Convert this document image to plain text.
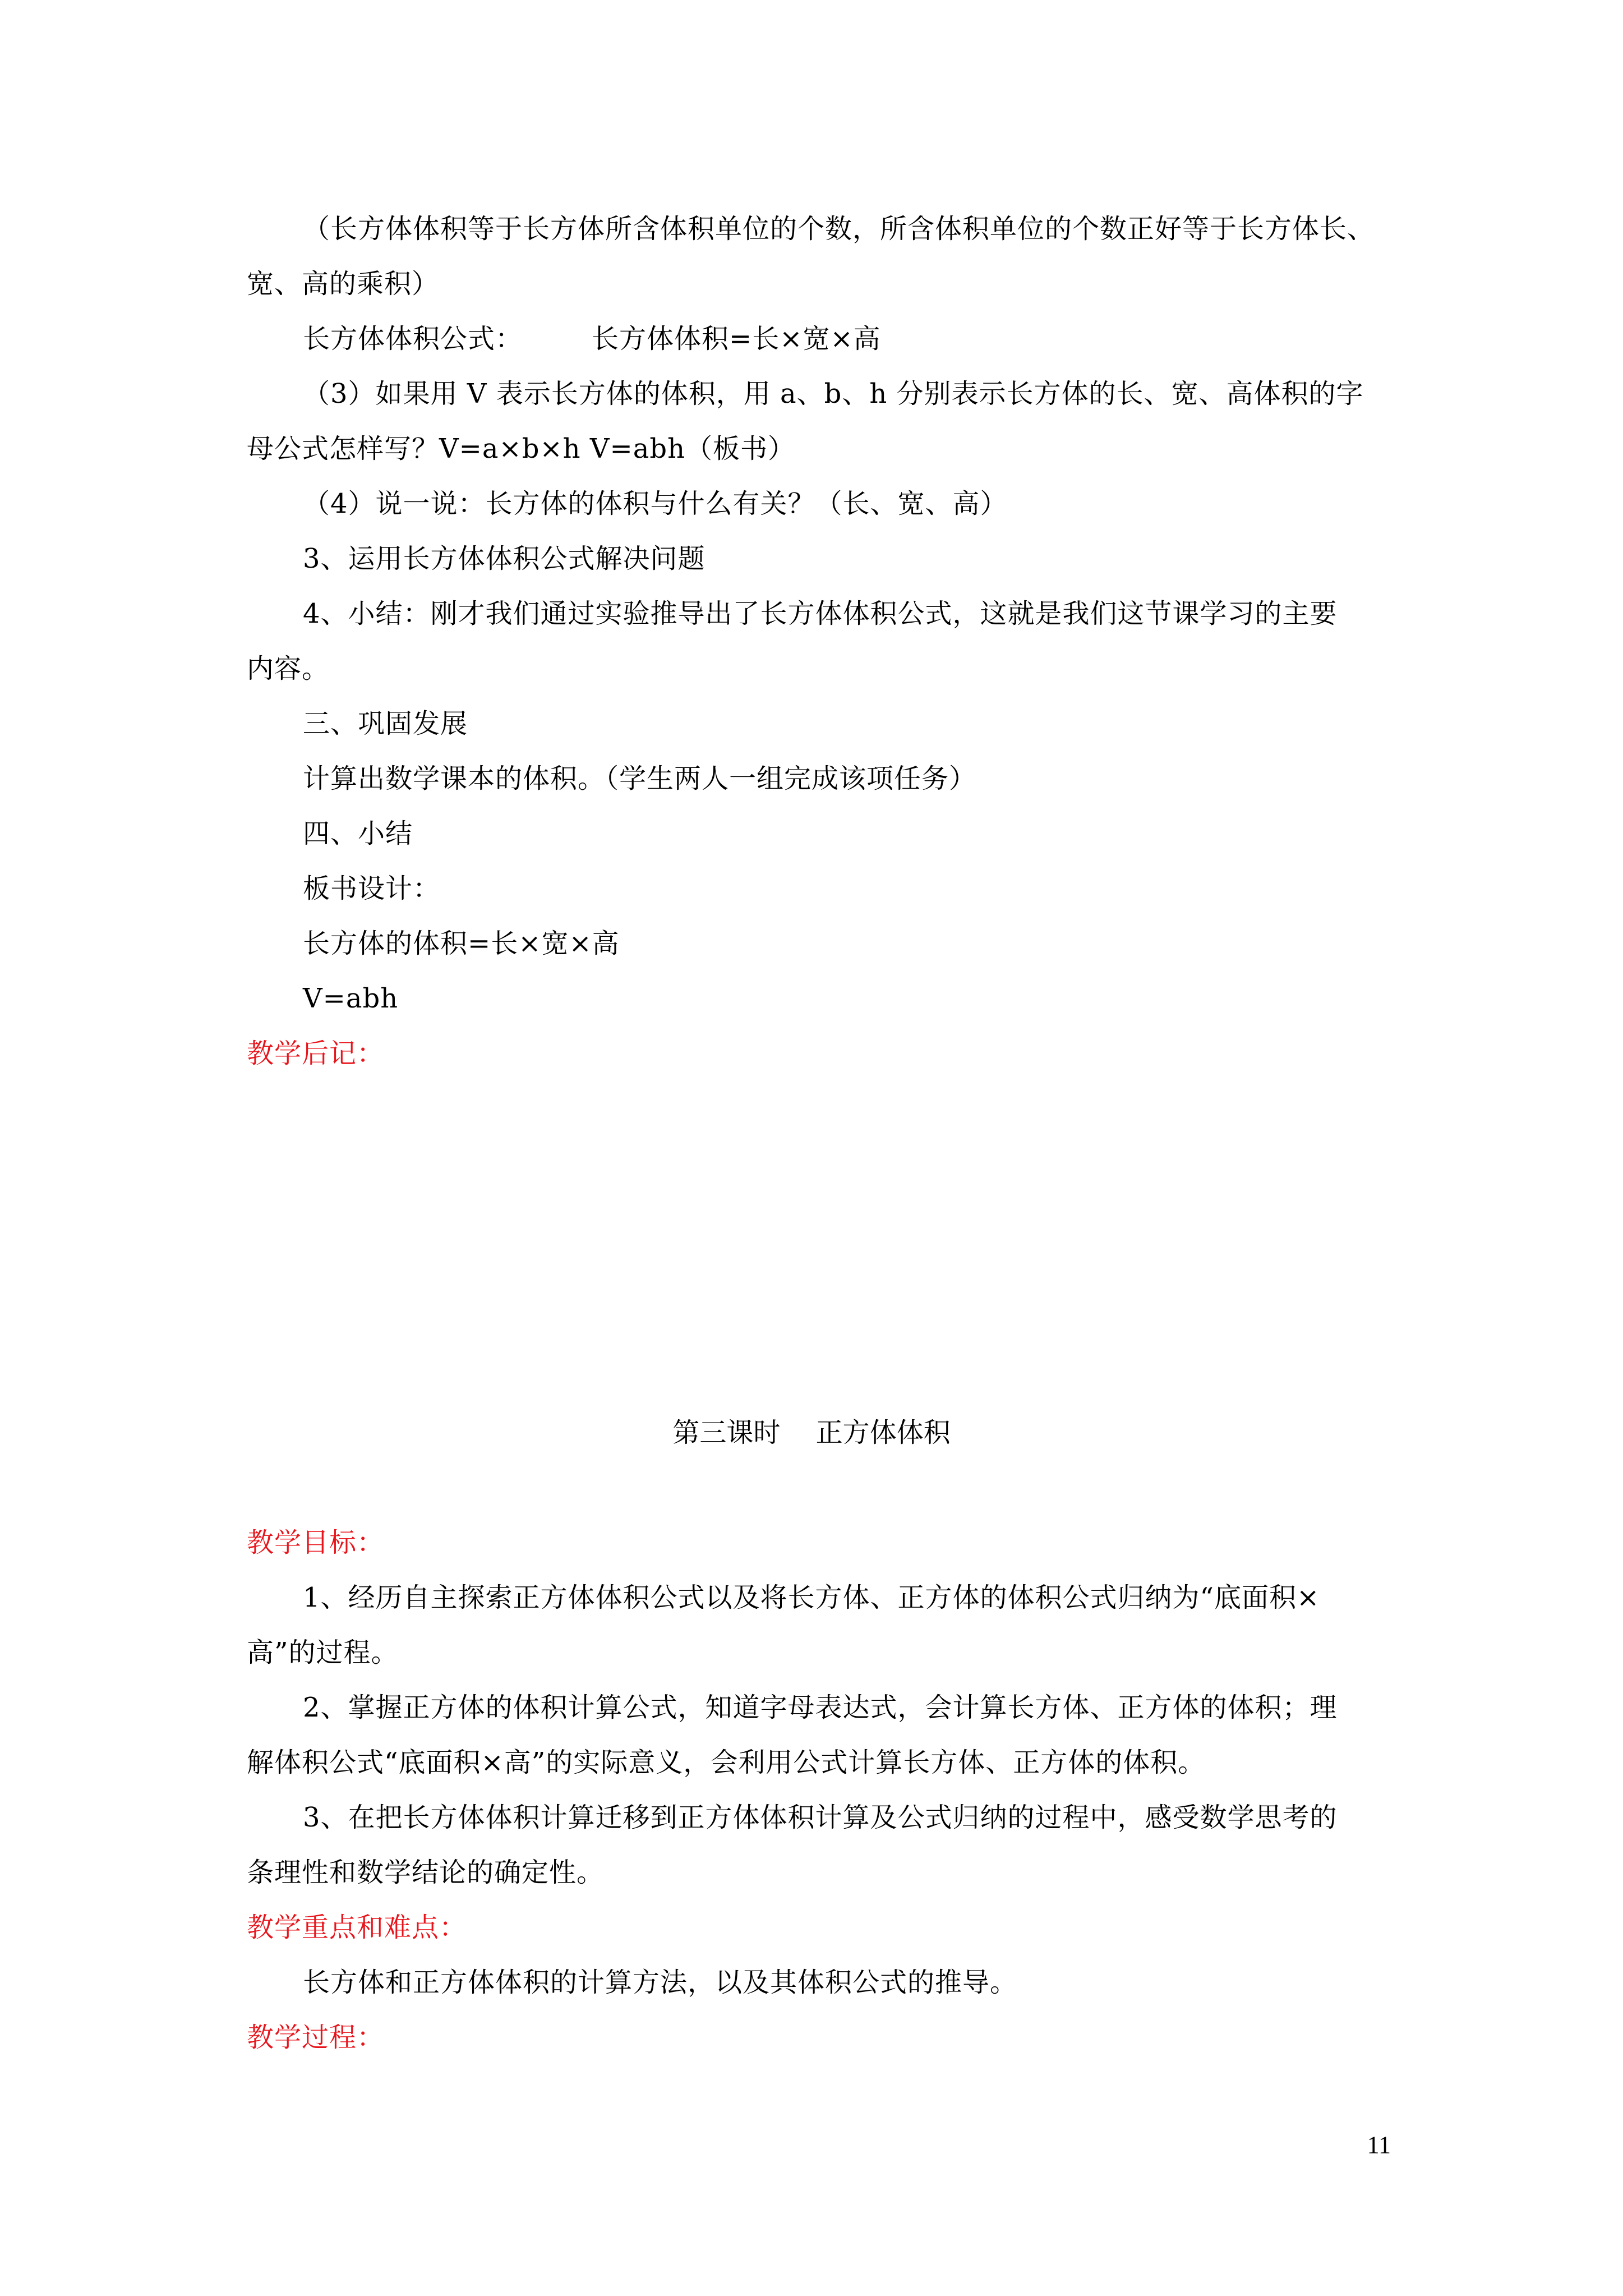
（长方体体积等于长方体所含体积单位的个数，所含体积单位的个数正好等于长方体长、
宽、高的乘积）
长方体体积公式：　　　长方体体积=长×宽×高
（3）如果用 V 表示长方体的体积，用 a、b、h 分别表示长方体的长、宽、高体积的字
母公式怎样写？V=a×b×h V=abh（板书）
（4）说一说：长方体的体积与什么有关？（长、宽、高）
3、运用长方体体积公式解决问题
4、小结：刚才我们通过实验推导出了长方体体积公式，这就是我们这节课学习的主要
内容。
三、巩固发展
计算出数学课本的体积。（学生两人一组完成该项任务）
四、小结
板书设计：
长方体的体积=长×宽×高
V=abh
教学后记：
第三课时　 正方体体积
教学目标：
1、经历自主探索正方体体积公式以及将长方体、正方体的体积公式归纳为“底面积×
高”的过程。
2、掌握正方体的体积计算公式，知道字母表达式，会计算长方体、正方体的体积；理
解体积公式“底面积×高”的实际意义，会利用公式计算长方体、正方体的体积。
3、在把长方体体积计算迁移到正方体体积计算及公式归纳的过程中，感受数学思考的
条理性和数学结论的确定性。
教学重点和难点：
长方体和正方体体积的计算方法，以及其体积公式的推导。
教学过程：
11
